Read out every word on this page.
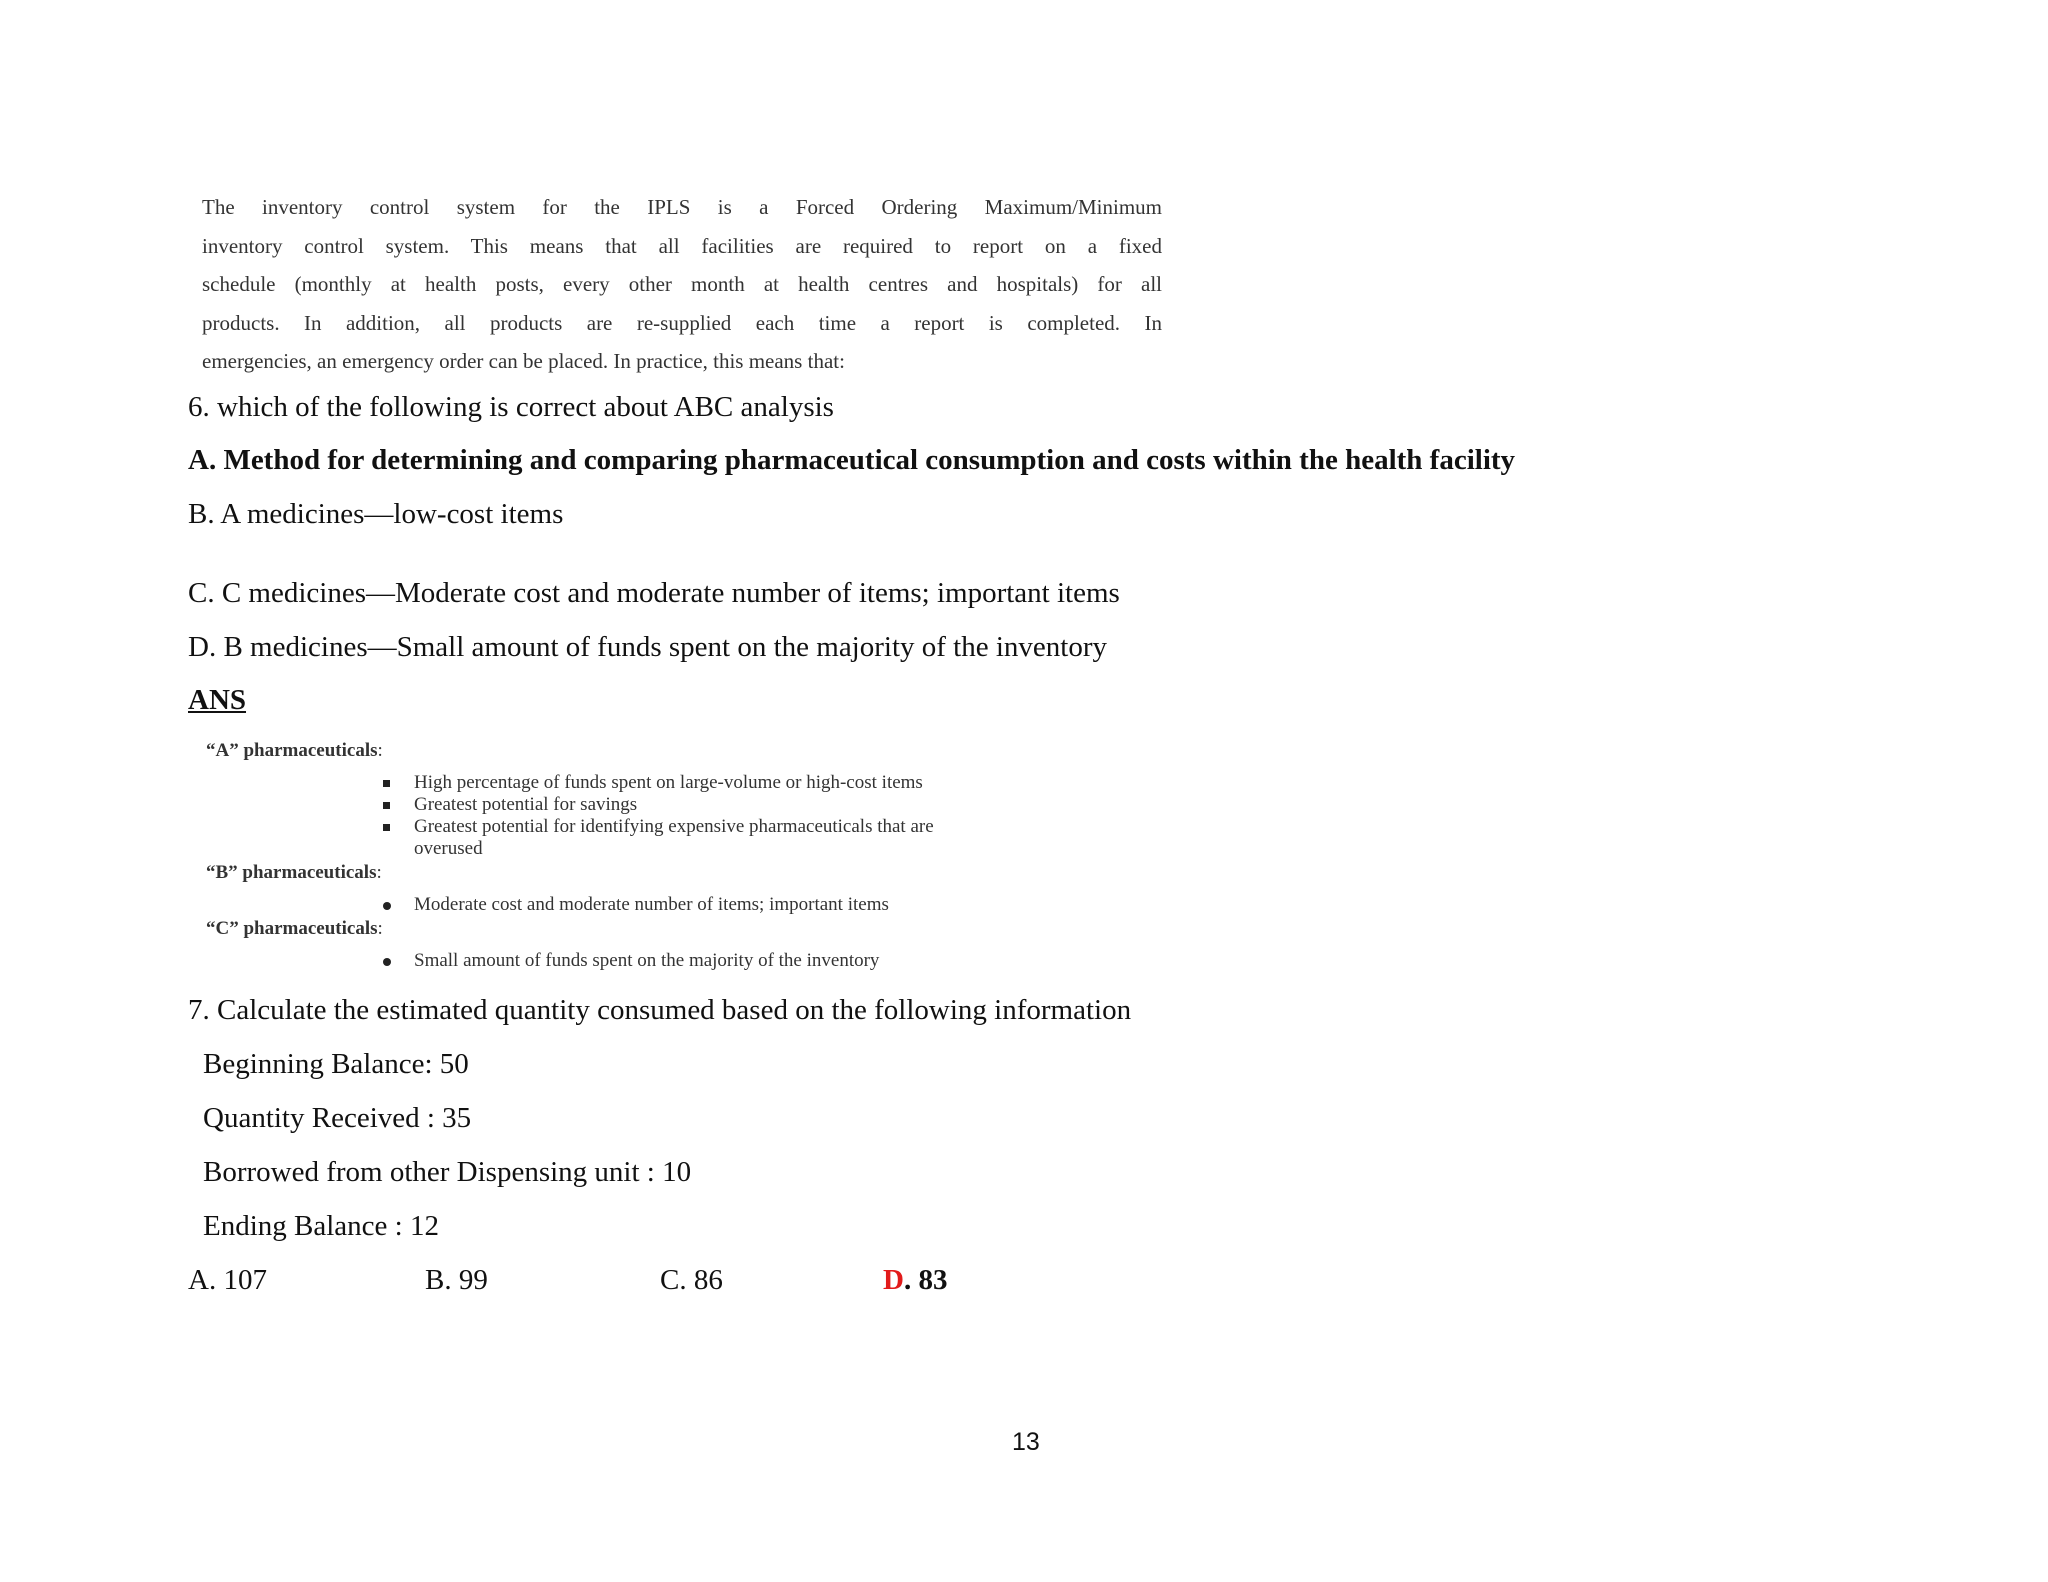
The inventory control system for the IPLS is a Forced Ordering Maximum/Minimum
inventory control system. This means that all facilities are required to report on a fixed
schedule (monthly at health posts, every other month at health centres and hospitals) for all
products. In addition, all products are re-supplied each time a report is completed. In
emergencies, an emergency order can be placed. In practice, this means that:
6. which of the following is correct about ABC analysis
A. Method for determining and comparing pharmaceutical consumption and costs within the health facility
B. A medicines—low-cost items
C. C medicines—Moderate cost and moderate number of items; important items
D. B medicines—Small amount of funds spent on the majority of the inventory
ANS
“A” pharmaceuticals:
High percentage of funds spent on large-volume or high-cost items
Greatest potential for savings
Greatest potential for identifying expensive pharmaceuticals that are
overused
“B” pharmaceuticals:
Moderate cost and moderate number of items; important items
“C” pharmaceuticals:
Small amount of funds spent on the majority of the inventory
7. Calculate the estimated quantity consumed based on the following information
Beginning Balance: 50
Quantity Received : 35
Borrowed from other Dispensing unit : 10
Ending Balance : 12
A. 107	B. 99	C. 86	D. 83
13
